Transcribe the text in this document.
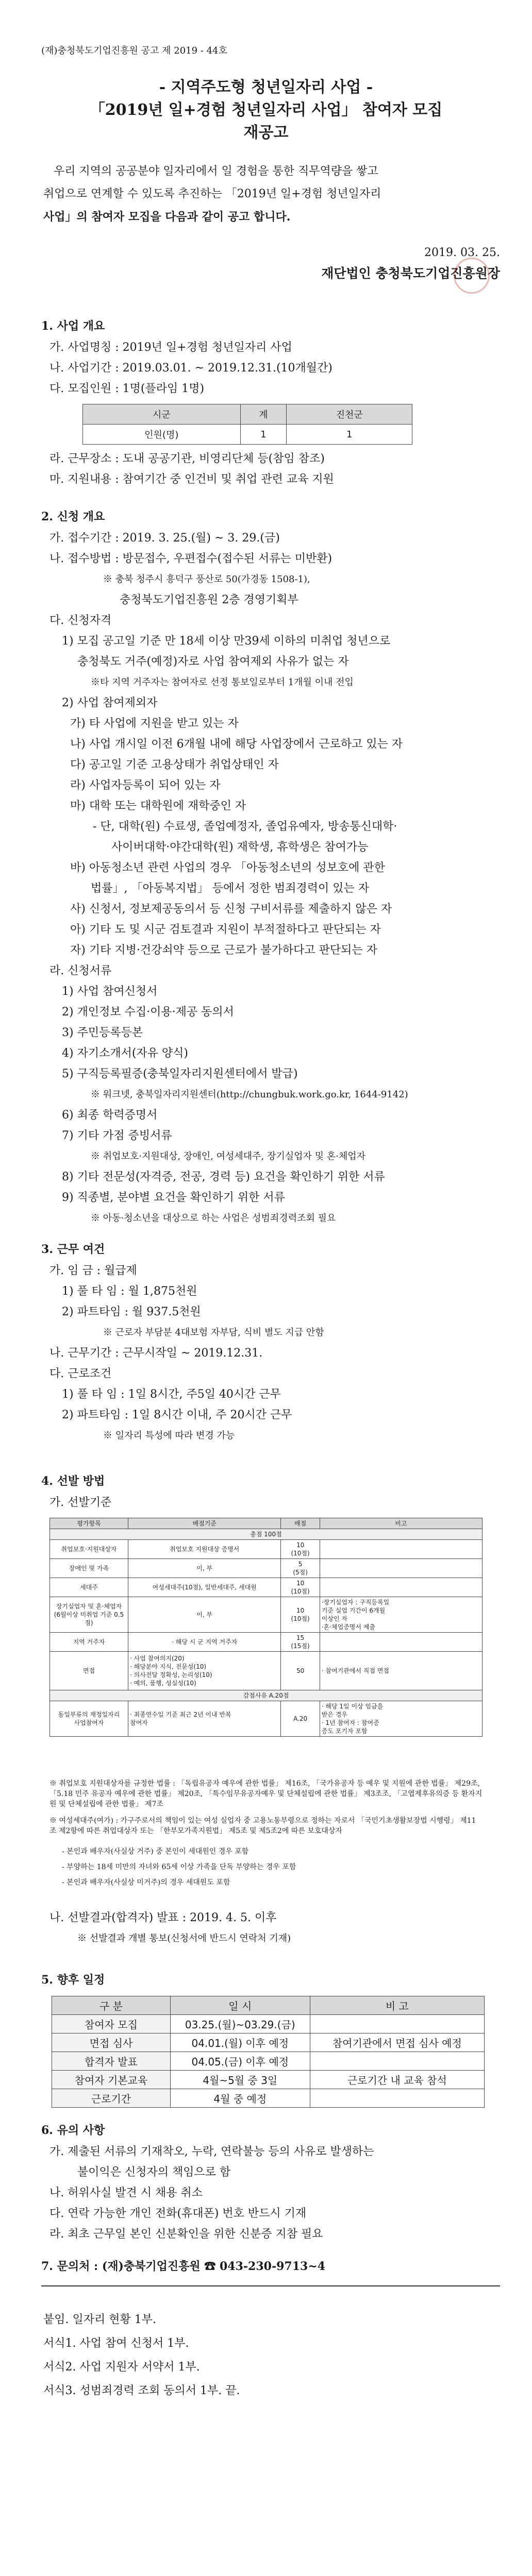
(재)충청북도기업진흥원 공고 제 2019 - 44호
- 지역주도형 청년일자리 사업 -
「2019년 일+경험 청년일자리 사업」 참여자 모집
재공고
우리 지역의 공공분야 일자리에서 일 경험을 통한 직무역량을 쌓고
취업으로 연계할 수 있도록 추진하는 「2019년 일+경험 청년일자리
사업」의 참여자 모집을 다음과 같이 공고 합니다.
2019. 03. 25.
재단법인 충청북도기업진흥원장
1. 사업 개요
가. 사업명칭 : 2019년 일+경험 청년일자리 사업
나. 사업기간 : 2019.03.01. ~ 2019.12.31.(10개월간)
다. 모집인원 : 1명(플라임 1명)
시군	계	진천군
인원(명)	1	1
라. 근무장소 : 도내 공공기관, 비영리단체 등(참임 참조)
마. 지원내용 : 참여기간 중 인건비 및 취업 관련 교육 지원
2. 신청 개요
가. 접수기간 : 2019. 3. 25.(월) ~ 3. 29.(금)
나. 접수방법 : 방문접수, 우편접수(접수된 서류는 미반환)
※ 충북 청주시 흥덕구 풍산로 50(가경동 1508-1),
충청북도기업진흥원 2층 경영기획부
다. 신청자격
1) 모집 공고일 기준 만 18세 이상 만39세 이하의 미취업 청년으로
충청북도 거주(예정)자로 사업 참여제외 사유가 없는 자
※타 지역 거주자는 참여자로 선정 통보일로부터 1개월 이내 전입
2) 사업 참여제외자
가) 타 사업에 지원을 받고 있는 자
나) 사업 개시일 이전 6개월 내에 해당 사업장에서 근로하고 있는 자
다) 공고일 기준 고용상태가 취업상태인 자
라) 사업자등록이 되어 있는 자
마) 대학 또는 대학원에 재학중인 자
- 단, 대학(원) 수료생, 졸업예정자, 졸업유예자, 방송통신대학·
사이버대학·야간대학(원) 재학생, 휴학생은 참여가능
바) 아동청소년 관련 사업의 경우 「아동청소년의 성보호에 관한
법률」, 「아동복지법」 등에서 정한 범죄경력이 있는 자
사) 신청서, 정보제공동의서 등 신청 구비서류를 제출하지 않은 자
아) 기타 도 및 시군 검토결과 지원이 부적절하다고 판단되는 자
자) 기타 지병·건강쇠약 등으로 근로가 불가하다고 판단되는 자
라. 신청서류
1) 사업 참여신청서
2) 개인정보 수집·이용·제공 동의서
3) 주민등록등본
4) 자기소개서(자유 양식)
5) 구직등록필증(충북일자리지원센터에서 발급)
※ 워크넷, 충북일자리지원센터(http://chungbuk.work.go.kr, 1644-9142)
6) 최종 학력증명서
7) 기타 가점 증빙서류
※ 취업보호·지원대상, 장애인, 여성세대주, 장기실업자 및 혼·체업자
8) 기타 전문성(자격증, 전공, 경력 등) 요건을 확인하기 위한 서류
9) 직종별, 분야별 요건을 확인하기 위한 서류
※ 아동·청소년을 대상으로 하는 사업은 성범죄경력조회 필요
3. 근무 여건
가. 임 금 : 월급제
1) 풀 타 임 : 월 1,875천원
2) 파트타임 : 월 937.5천원
※ 근로자 부담분 4대보험 자부담, 식비 별도 지급 안함
나. 근무기간 : 근무시작일 ~ 2019.12.31.
다. 근로조건
1) 풀 타 임 : 1일 8시간, 주5일 40시간 근무
2) 파트타임 : 1일 8시간 이내, 주 20시간 근무
※ 일자리 특성에 따라 변경 가능
4. 선발 방법
가. 선발기준
평가항목	배점기준	배점	비고
총점 100점			
취업보호·지원대상자	취업보호 지원대상 증명서	10
(10점)	
장애인 및 가족	이, 부	5
(5점)	
세대주	여성세대주(10점), 일반세대주, 세대원	10
(10점)	
장기실업자 및 혼·체업자
(6월이상 미취업 기준 0.5점)	이, 부	10
(10점)	·장기실업자 : 구직등록일
기준 실업 기간이 6개월
이상인 자
·혼·체업증명서 제출
지역 거주자	· 해당 시 군 지역 거주자	15
(15점)	
면접	· 사업 참여의지(20)
· 해당분야 지식, 전문성(10)
· 의사전달 정확성, 논리성(10)
· 예의, 품행, 성실성(10)	50	· 참여기관에서 직접 면접
감점사유 A.20점			
동일부류의 재정일자리
사업참여자	· 최종연수일 기준 최근 2년 이내 반복
참여자	A.20	· 해당 1일 이상 임금을
받은 경우
· 1년 참여자 : 참여증
증도 포기자 포함
※ 취업보호 지원대상자를 규정한 법률 : 「독립유공자 예우에 관한 법률」 제16조, 「국가유공자 등 예우 및 지원에 관한 법률」 제29조, 「5.18 민주 유공자 예우에 관한 법률」 제20조, 「특수임무유공자예우 및 단체설립에 관한 법률」 제3조조, 「고엽제후유의증 등 환자지원 및 단체설립에 관한 법률」 제7조
※ 여성세대주(여가) : 가구주로서의 책임이 있는 여성 실업자 중 고용노동부령으로 정하는 자로서 「국민기초생활보장법 시행령」 제11조 제2항에 따른 취업대상자 또는 「한부모가족지원법」 제5조 및 제5조2에 따른 보호대상자
- 본인과 배우자(사실상 거주) 중 본인이 세대원인 경우 포함
- 부양하는 18세 미만의 자녀와 65세 이상 가족을 단독 부양하는 경우 포함
- 본인과 배우자(사실상 미거주)의 경우 세대원도 포함
나. 선발결과(합격자) 발표 : 2019. 4. 5. 이후
※ 선발결과 개별 통보(신청서에 반드시 연락처 기재)
5. 향후 일정
구 분	일 시	비 고
참여자 모집	03.25.(월)~03.29.(금)	
면접 심사	04.01.(월) 이후 예정	참여기관에서 면접 심사 예정
합격자 발표	04.05.(금) 이후 예정	
참여자 기본교육	4월~5월 중 3일	근로기간 내 교육 참석
근로기간	4월 중 예정	
6. 유의 사항
가. 제출된 서류의 기재착오, 누락, 연락불능 등의 사유로 발생하는
불이익은 신청자의 책임으로 함
나. 허위사실 발견 시 채용 취소
다. 연락 가능한 개인 전화(휴대폰) 번호 반드시 기재
라. 최초 근무일 본인 신분확인을 위한 신분증 지참 필요
7. 문의처 : (재)충북기업진흥원 ☎ 043-230-9713~4
붙임. 일자리 현황 1부.
서식1. 사업 참여 신청서 1부.
서식2. 사업 지원자 서약서 1부.
서식3. 성범죄경력 조회 동의서 1부. 끝.
